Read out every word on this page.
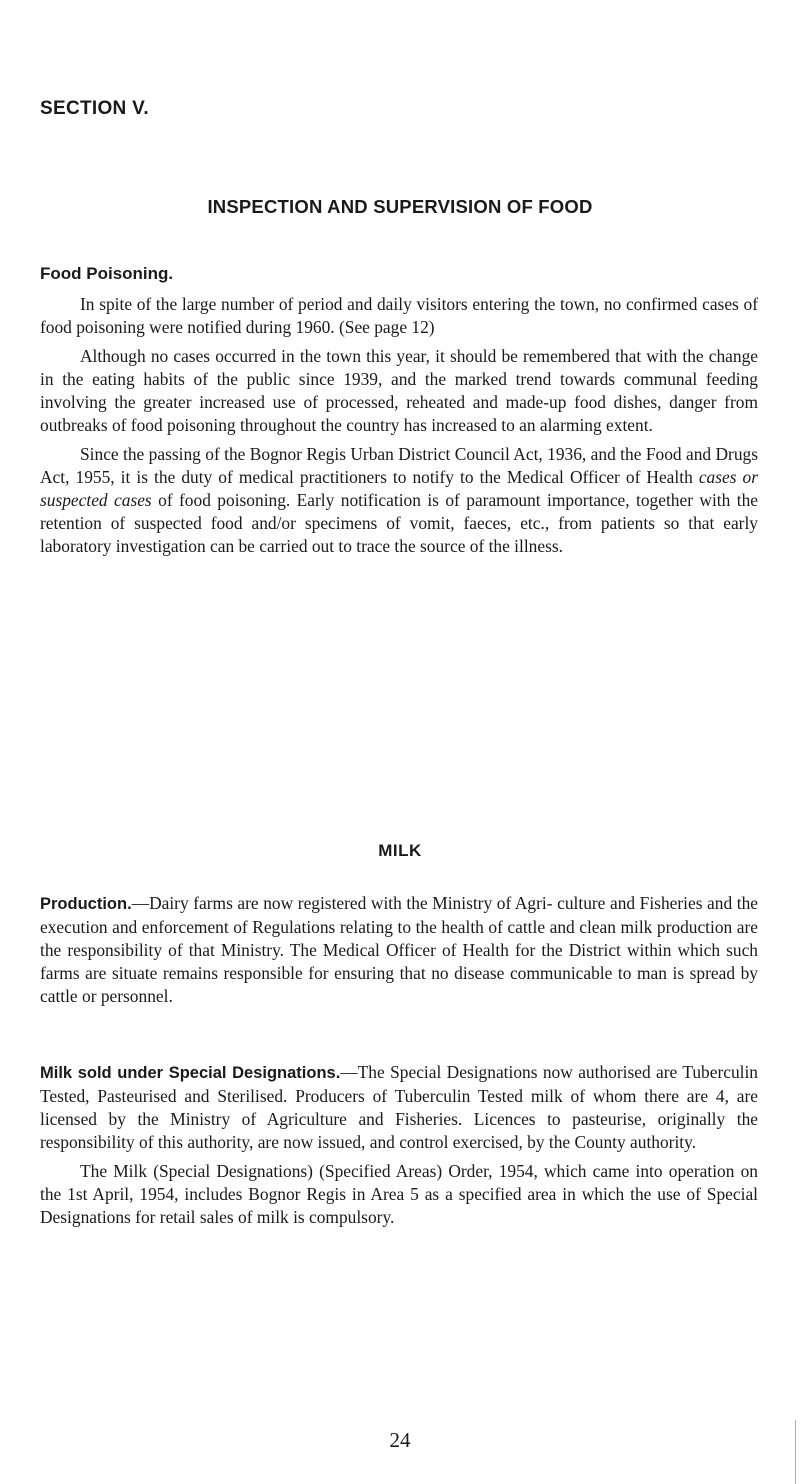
SECTION V.
INSPECTION AND SUPERVISION OF FOOD
Food Poisoning.

In spite of the large number of period and daily visitors entering the town, no confirmed cases of food poisoning were notified during 1960. (See page 12)

Although no cases occurred in the town this year, it should be remembered that with the change in the eating habits of the public since 1939, and the marked trend towards communal feeding involving the greater increased use of processed, reheated and made-up food dishes, danger from outbreaks of food poisoning throughout the country has increased to an alarming extent.

Since the passing of the Bognor Regis Urban District Council Act, 1936, and the Food and Drugs Act, 1955, it is the duty of medical practitioners to notify to the Medical Officer of Health cases or suspected cases of food poisoning. Early notification is of paramount importance, together with the retention of suspected food and/or specimens of vomit, faeces, etc., from patients so that early laboratory investigation can be carried out to trace the source of the illness.

MILK

Production.—Dairy farms are now registered with the Ministry of Agri- culture and Fisheries and the execution and enforcement of Regulations relating to the health of cattle and clean milk production are the responsibility of that Ministry. The Medical Officer of Health for the District within which such farms are situate remains responsible for ensuring that no disease communicable to man is spread by cattle or personnel.

Milk sold under Special Designations.—The Special Designations now authorised are Tuberculin Tested, Pasteurised and Sterilised. Producers of Tuberculin Tested milk of whom there are 4, are licensed by the Ministry of Agriculture and Fisheries. Licences to pasteurise, originally the responsibility of this authority, are now issued, and control exercised, by the County authority.

The Milk (Special Designations) (Specified Areas) Order, 1954, which came into operation on the 1st April, 1954, includes Bognor Regis in Area 5 as a specified area in which the use of Special Designations for retail sales of milk is compulsory.

24
